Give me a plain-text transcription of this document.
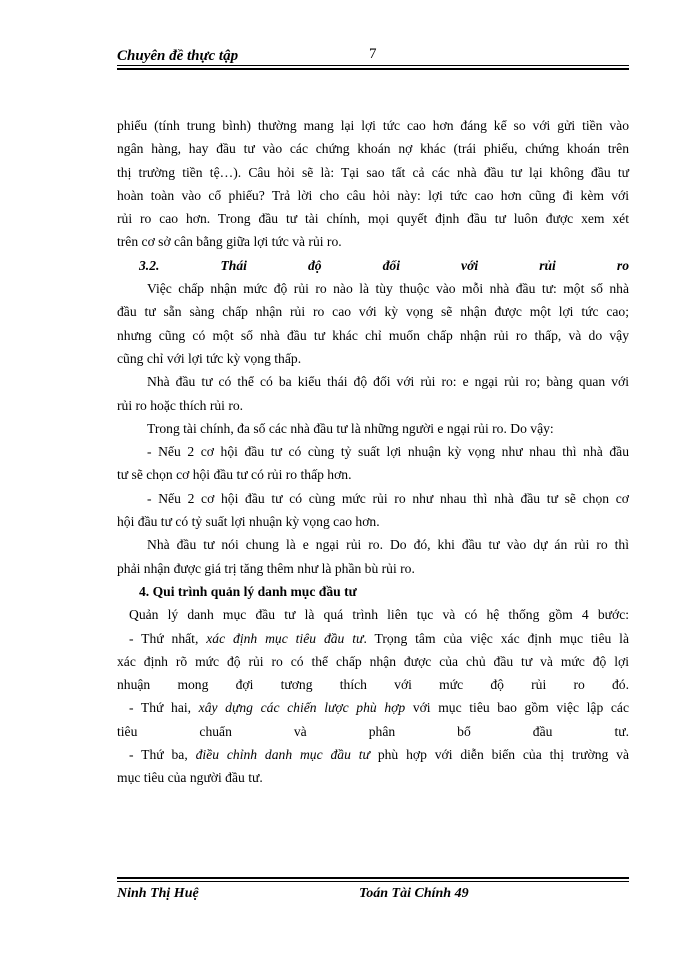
Chuyên đề thực tập	7

phiếu (tính trung bình) thường mang lại lợi tức cao hơn đáng kể so với gửi tiền vào

ngân hàng, hay đầu tư vào các chứng khoán nợ khác (trái phiếu, chứng khoán trên

thị trường tiền tệ…). Câu hỏi sẽ là: Tại sao tất cả các nhà đầu tư lại không đầu tư

hoàn toàn vào cổ phiếu? Trả lời cho câu hỏi này: lợi tức cao hơn cũng đi kèm với

rủi ro cao hơn. Trong đầu tư tài chính, mọi quyết định đầu tư luôn được xem xét

trên cơ sở cân bằng giữa lợi tức và rủi ro.

3.2. Thái độ đối với rủi ro

Việc chấp nhận mức độ rủi ro nào là tùy thuộc vào mỗi nhà đầu tư: một số nhà

đầu tư sẵn sàng chấp nhận rủi ro cao với kỳ vọng sẽ nhận được một lợi tức cao;

nhưng cũng có một số nhà đầu tư khác chỉ muốn chấp nhận rủi ro thấp, và do vậy

cũng chỉ với lợi tức kỳ vọng thấp.

Nhà đầu tư có thể có ba kiểu thái độ đối với rủi ro: e ngại rủi ro; bàng quan với

rủi ro hoặc thích rủi ro.

Trong tài chính, đa số các nhà đầu tư là những người e ngại rủi ro. Do vậy:

- Nếu 2 cơ hội đầu tư có cùng tỷ suất lợi nhuận kỳ vọng như nhau thì nhà đầu

tư sẽ chọn cơ hội đầu tư có rủi ro thấp hơn.

- Nếu 2 cơ hội đầu tư có cùng mức rủi ro như nhau thì nhà đầu tư sẽ chọn cơ

hội đầu tư có tỷ suất lợi nhuận kỳ vọng cao hơn.

Nhà đầu tư nói chung là e ngại rủi ro. Do đó, khi đầu tư vào dự án rủi ro thì

phải nhận được giá trị tăng thêm như là phần bù rủi ro.

4. Qui trình quản lý danh mục đầu tư

Quản lý danh mục đầu tư là quá trình liên tục và có hệ thống gồm 4 bước:

- Thứ nhất, xác định mục tiêu đầu tư. Trọng tâm của việc xác định mục tiêu là

xác định rõ mức độ rủi ro có thể chấp nhận được của chủ đầu tư và mức độ lợi

nhuận mong đợi tương thích với mức độ rủi ro đó.

- Thứ hai, xây dựng các chiến lược phù hợp với mục tiêu bao gồm việc lập các

tiêu chuẩn và phân bổ đầu tư.

- Thứ ba, điều chỉnh danh mục đầu tư phù hợp với diễn biến của thị trường và

mục tiêu của người đầu tư.

Ninh Thị Huệ	Toán Tài Chính 49
